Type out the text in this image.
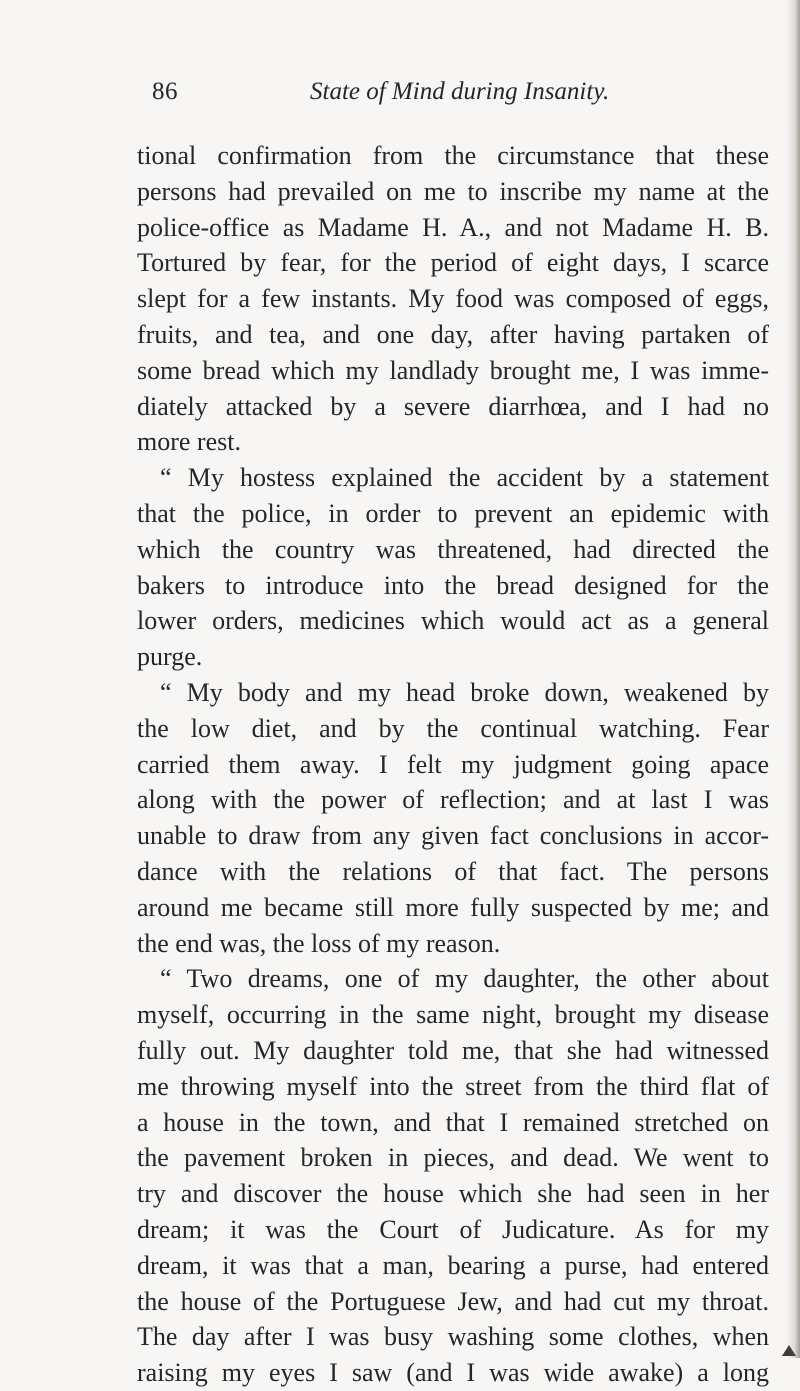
86	State of Mind during Insanity.
tional confirmation from the circumstance that these
persons had prevailed on me to inscribe my name at the
police-office as Madame H. A., and not Madame H. B.
Tortured by fear, for the period of eight days, I scarce
slept for a few instants. My food was composed of eggs,
fruits, and tea, and one day, after having partaken of
some bread which my landlady brought me, I was imme-
diately attacked by a severe diarrhœa, and I had no
more rest.
“ My hostess explained the accident by a statement
that the police, in order to prevent an epidemic with
which the country was threatened, had directed the
bakers to introduce into the bread designed for the
lower orders, medicines which would act as a general
purge.
“ My body and my head broke down, weakened by
the low diet, and by the continual watching. Fear
carried them away. I felt my judgment going apace
along with the power of reflection; and at last I was
unable to draw from any given fact conclusions in accor-
dance with the relations of that fact. The persons
around me became still more fully suspected by me; and
the end was, the loss of my reason.
“ Two dreams, one of my daughter, the other about
myself, occurring in the same night, brought my disease
fully out. My daughter told me, that she had witnessed
me throwing myself into the street from the third flat of
a house in the town, and that I remained stretched on
the pavement broken in pieces, and dead. We went to
try and discover the house which she had seen in her
dream; it was the Court of Judicature. As for my
dream, it was that a man, bearing a purse, had entered
the house of the Portuguese Jew, and had cut my throat.
The day after I was busy washing some clothes, when
raising my eyes I saw (and I was wide awake) a long
